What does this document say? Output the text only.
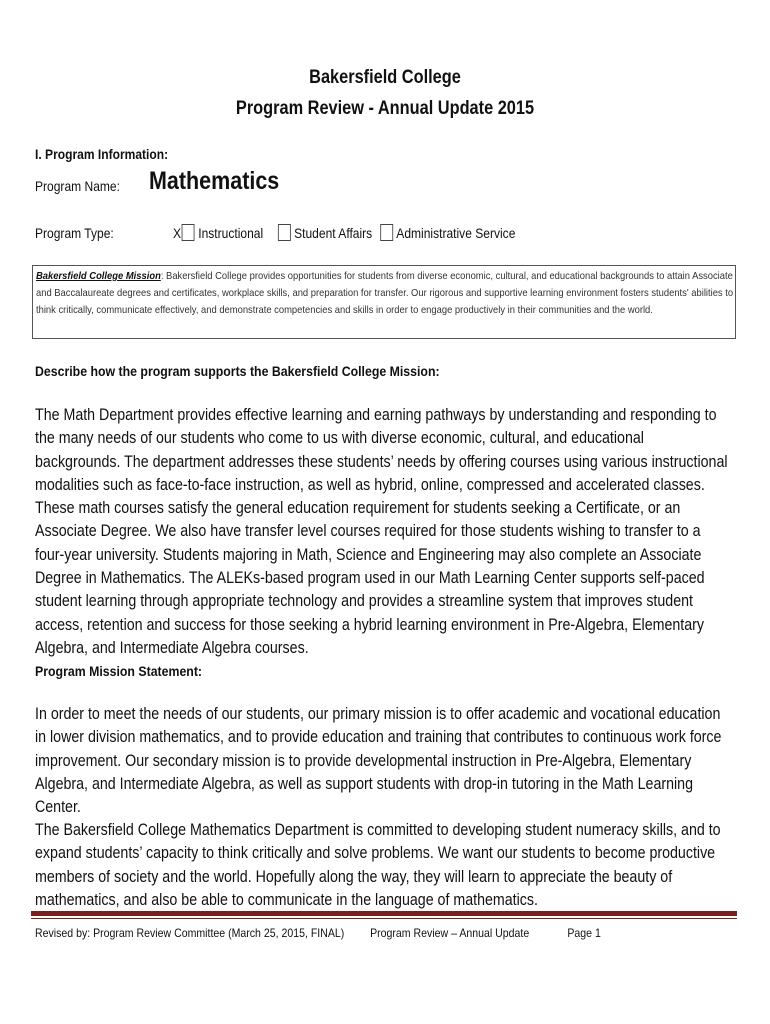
Bakersfield College
Program Review - Annual Update 2015
I. Program Information:
Program Name:	Mathematics
Program Type:	X Instructional Student Affairs Administrative Service
Bakersfield College Mission: Bakersfield College provides opportunities for students from diverse economic, cultural, and educational backgrounds to attain Associate and Baccalaureate degrees and certificates, workplace skills, and preparation for transfer. Our rigorous and supportive learning environment fosters students' abilities to think critically, communicate effectively, and demonstrate competencies and skills in order to engage productively in their communities and the world.
Describe how the program supports the Bakersfield College Mission:
The Math Department provides effective learning and earning pathways by understanding and responding to the many needs of our students who come to us with diverse economic, cultural, and educational backgrounds. The department addresses these students’ needs by offering courses using various instructional modalities such as face-to-face instruction, as well as hybrid, online, compressed and accelerated classes. These math courses satisfy the general education requirement for students seeking a Certificate, or an Associate Degree. We also have transfer level courses required for those students wishing to transfer to a four-year university. Students majoring in Math, Science and Engineering may also complete an Associate Degree in Mathematics. The ALEKs-based program used in our Math Learning Center supports self-paced student learning through appropriate technology and provides a streamline system that improves student access, retention and success for those seeking a hybrid learning environment in Pre-Algebra, Elementary Algebra, and Intermediate Algebra courses.
Program Mission Statement:
In order to meet the needs of our students, our primary mission is to offer academic and vocational education in lower division mathematics, and to provide education and training that contributes to continuous work force improvement. Our secondary mission is to provide developmental instruction in Pre-Algebra, Elementary Algebra, and Intermediate Algebra, as well as support students with drop-in tutoring in the Math Learning Center.
The Bakersfield College Mathematics Department is committed to developing student numeracy skills, and to expand students’ capacity to think critically and solve problems. We want our students to become productive members of society and the world. Hopefully along the way, they will learn to appreciate the beauty of mathematics, and also be able to communicate in the language of mathematics.
Revised by: Program Review Committee (March 25, 2015, FINAL) Program Review – Annual Update	Page 1
